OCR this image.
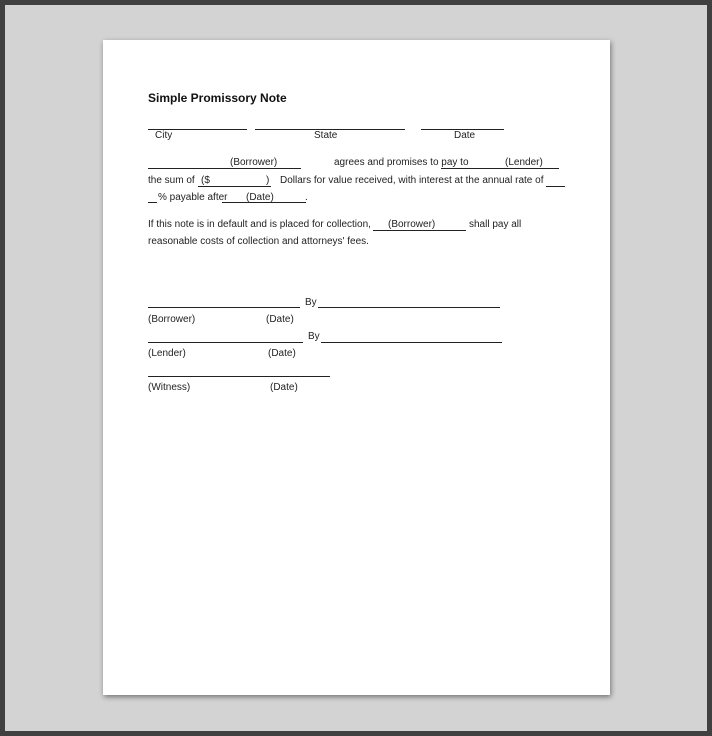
Simple Promissory Note
City	State	Date
(Borrower)	agrees and promises to pay to	(Lender)
the sum of ($	) Dollars for value received, with interest at the annual rate of
% payable after (Date)	.
If this note is in default and is placed for collection, (Borrower)	shall pay all
reasonable costs of collection and attorneys' fees.
By
(Borrower)	(Date)
By
(Lender)	(Date)
(Witness)	(Date)
